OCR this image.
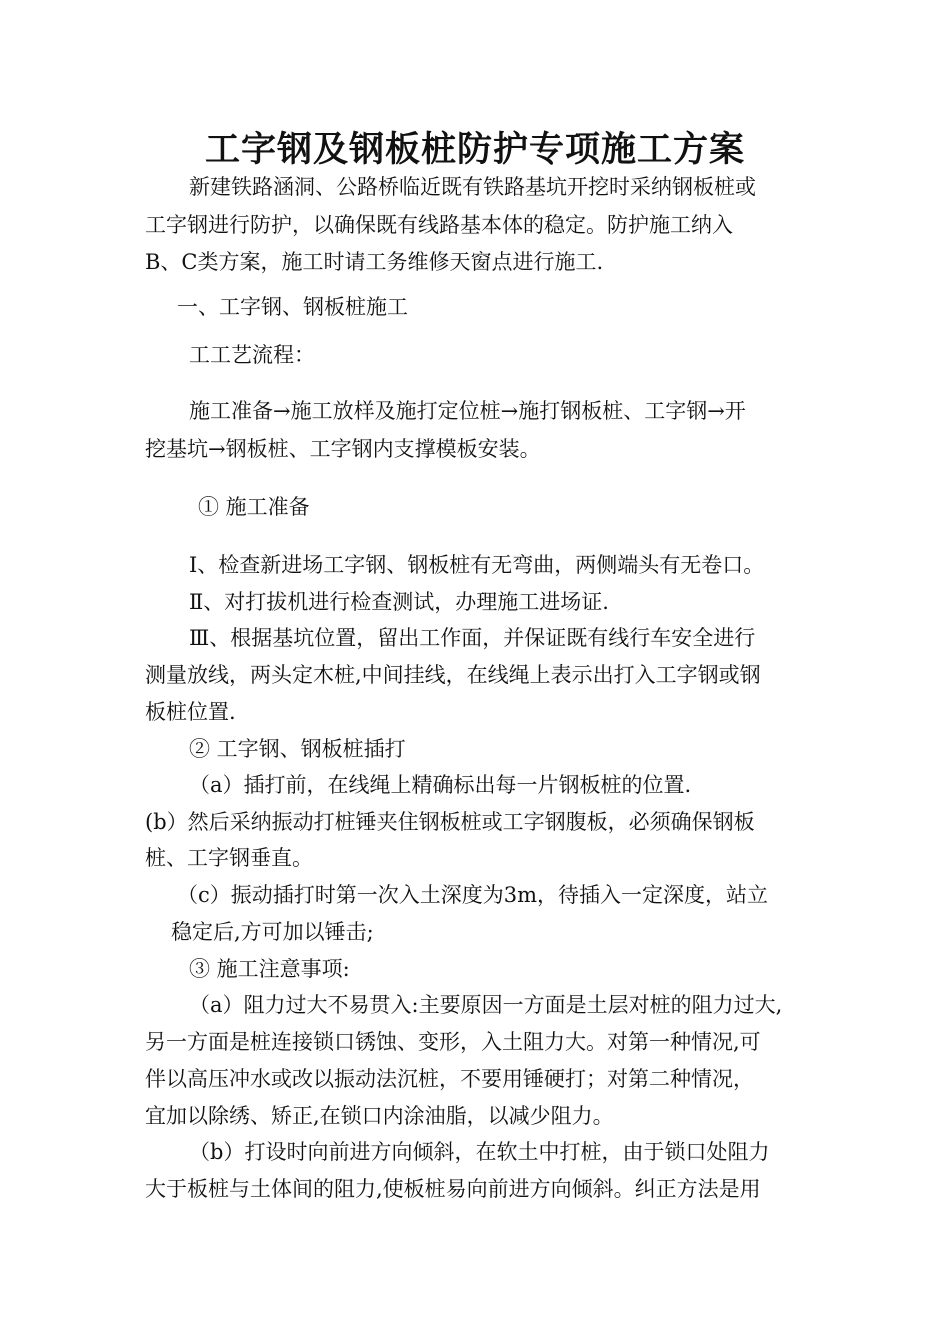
工字钢及钢板桩防护专项施工方案
新建铁路涵洞、公路桥临近既有铁路基坑开挖时采纳钢板桩或
工字钢进行防护，以确保既有线路基本体的稳定。防护施工纳入
B、C类方案，施工时请工务维修天窗点进行施工.
一、工字钢、钢板桩施工
工工艺流程：
施工准备→施工放样及施打定位桩→施打钢板桩、工字钢→开
挖基坑→钢板桩、工字钢内支撑模板安装。
① 施工准备
Ⅰ、检查新进场工字钢、钢板桩有无弯曲，两侧端头有无卷口。
Ⅱ、对打拔机进行检查测试，办理施工进场证.
Ⅲ、根据基坑位置，留出工作面，并保证既有线行车安全进行
测量放线，两头定木桩,中间挂线，在线绳上表示出打入工字钢或钢
板桩位置.
② 工字钢、钢板桩插打
（a）插打前，在线绳上精确标出每一片钢板桩的位置.
(b）然后采纳振动打桩锤夹住钢板桩或工字钢腹板，必须确保钢板
桩、工字钢垂直。
（c）振动插打时第一次入土深度为3m，待插入一定深度，站立
稳定后,方可加以锤击;
③ 施工注意事项:
（a）阻力过大不易贯入:主要原因一方面是土层对桩的阻力过大,
另一方面是桩连接锁口锈蚀、变形，入土阻力大。对第一种情况,可
伴以高压冲水或改以振动法沉桩，不要用锤硬打；对第二种情况，
宜加以除绣、矫正,在锁口内涂油脂，以减少阻力。
（b）打设时向前进方向倾斜，在软土中打桩，由于锁口处阻力
大于板桩与土体间的阻力,使板桩易向前进方向倾斜。纠正方法是用
